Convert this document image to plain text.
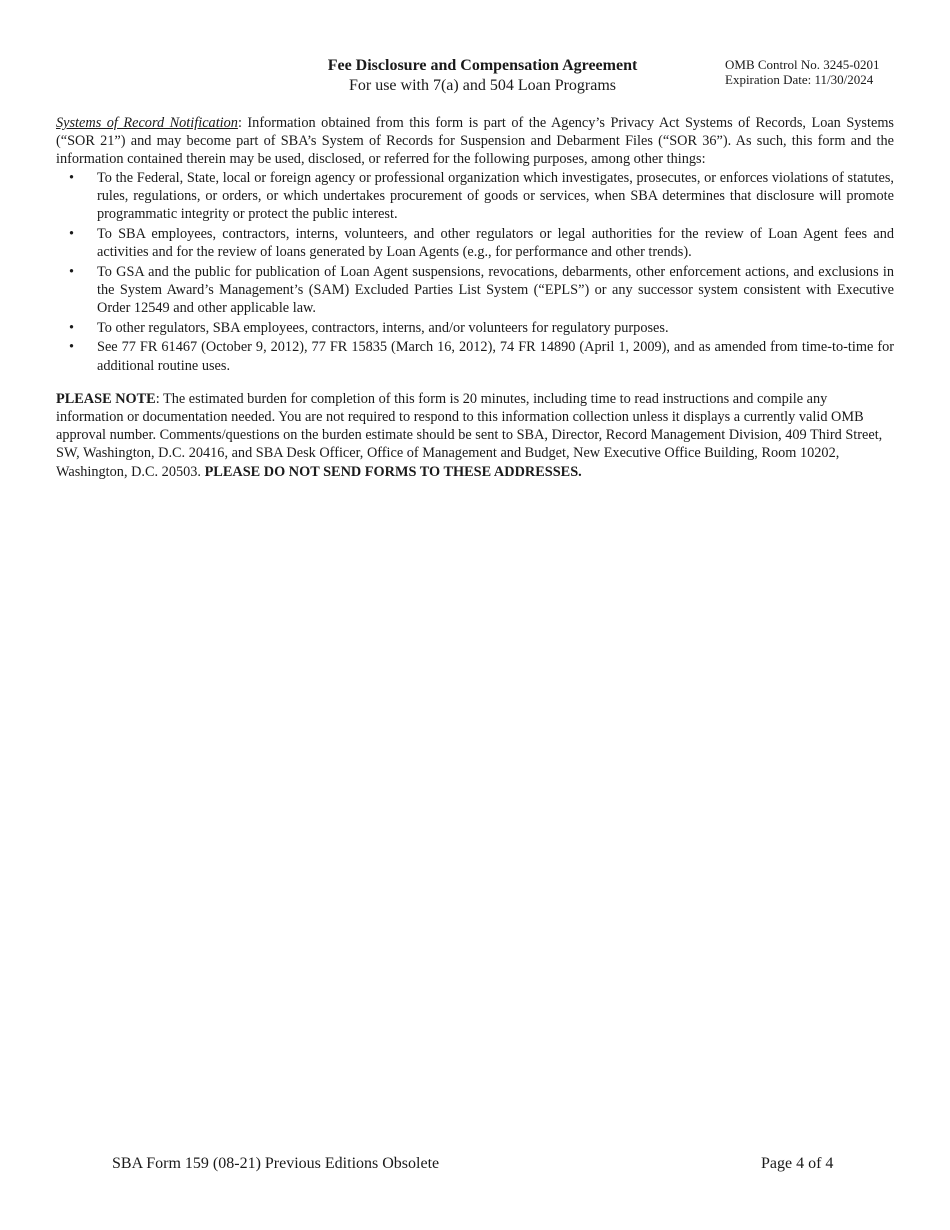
Fee Disclosure and Compensation Agreement
For use with 7(a) and 504 Loan Programs
OMB Control No. 3245-0201
Expiration Date: 11/30/2024

Systems of Record Notification: Information obtained from this form is part of the Agency’s Privacy Act Systems of Records, Loan Systems (“SOR 21”) and may become part of SBA’s System of Records for Suspension and Debarment Files (“SOR 36”). As such, this form and the information contained therein may be used, disclosed, or referred for the following purposes, among other things:

• To the Federal, State, local or foreign agency or professional organization which investigates, prosecutes, or enforces violations of statutes, rules, regulations, or orders, or which undertakes procurement of goods or services, when SBA determines that disclosure will promote programmatic integrity or protect the public interest.
• To SBA employees, contractors, interns, volunteers, and other regulators or legal authorities for the review of Loan Agent fees and activities and for the review of loans generated by Loan Agents (e.g., for performance and other trends).
• To GSA and the public for publication of Loan Agent suspensions, revocations, debarments, other enforcement actions, and exclusions in the System Award’s Management’s (SAM) Excluded Parties List System (“EPLS”) or any successor system consistent with Executive Order 12549 and other applicable law.
• To other regulators, SBA employees, contractors, interns, and/or volunteers for regulatory purposes.
• See 77 FR 61467 (October 9, 2012), 77 FR 15835 (March 16, 2012), 74 FR 14890 (April 1, 2009), and as amended from time-to-time for additional routine uses.

PLEASE NOTE: The estimated burden for completion of this form is 20 minutes, including time to read instructions and compile any information or documentation needed. You are not required to respond to this information collection unless it displays a currently valid OMB approval number. Comments/questions on the burden estimate should be sent to SBA, Director, Record Management Division, 409 Third Street, SW, Washington, D.C. 20416, and SBA Desk Officer, Office of Management and Budget, New Executive Office Building, Room 10202, Washington, D.C. 20503. PLEASE DO NOT SEND FORMS TO THESE ADDRESSES.

SBA Form 159 (08-21) Previous Editions Obsolete	Page 4 of 4
